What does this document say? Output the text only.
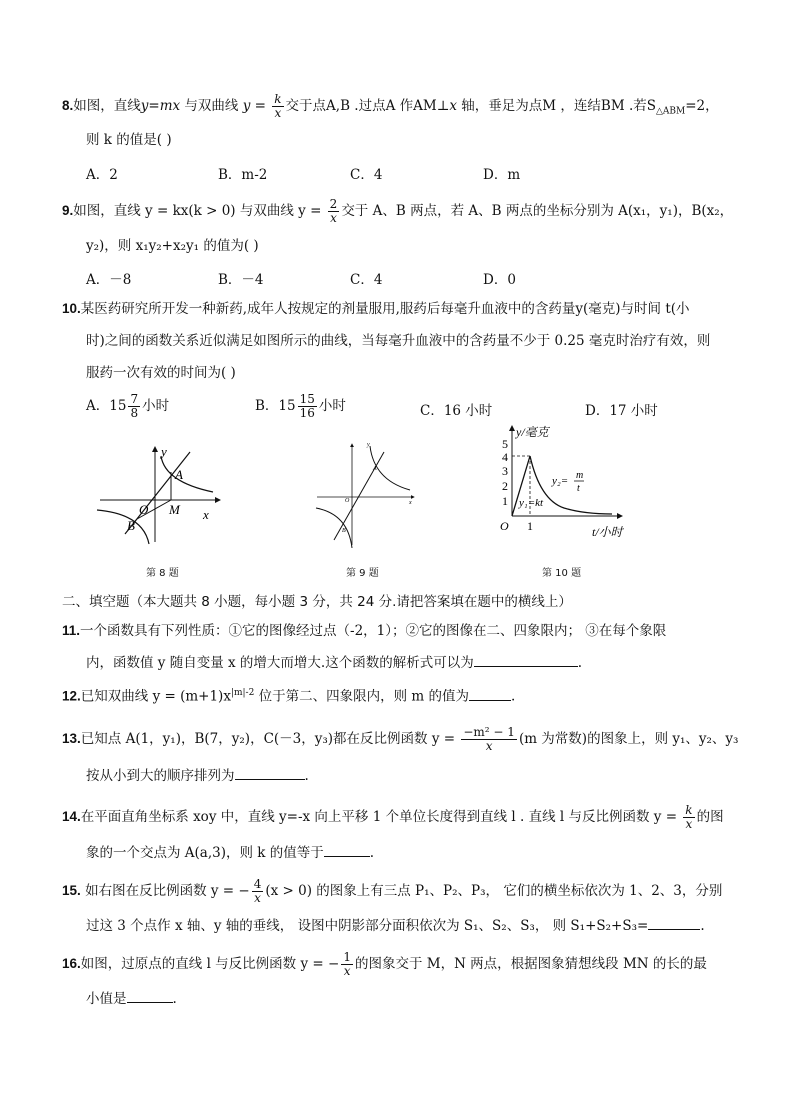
8.如图，直线y=mx 与双曲线 $y = \frac{k}{x}$ 交于点A,B .过点A 作AM⊥x 轴，垂足为点M ，连结BM .若$S_{\triangle ABM}=2$，
则 k 的值是( )
A．2	B．m-2	C．4	D．m
9.如图，直线 y = kx(k > 0) 与双曲线 $y = \frac{2}{x}$ 交于 A、B 两点，若 A、B 两点的坐标分别为 A(x₁，y₁)，B(x₂，
y₂)，则 x₁y₂+x₂y₁ 的值为( )
A．－8	B．－4	C．4	D．0
10.某医药研究所开发一种新药,成年人按规定的剂量服用,服药后每毫升血液中的含药量y(毫克)与时间 t(小
时)之间的函数关系近似满足如图所示的曲线，当每毫升血液中的含药量不少于 0.25 毫克时治疗有效，则
服药一次有效的时间为( )
A．$15 \frac{7}{8}$ 小时	B．$15 \frac{15}{16}$ 小时	C．16 小时	D．17 小时
y
x
A
B
O M
第 8 题
y
x
A
B
O
第 9 题
y/毫克
5
4
3
2
1
O 1	t/小时
y₁=kt
y₂= m
t
第 10 题
二、填空题（本大题共 8 小题，每小题 3 分，共 24 分.请把答案填在题中的横线上）
11.一个函数具有下列性质：①它的图像经过点（-2，1）；②它的图像在二、四象限内； ③在每个象限
内，函数值 y 随自变量 x 的增大而增大.这个函数的解析式可以为	.
12.已知双曲线 $y = (m+1)x^{|m|-2}$ 位于第二、四象限内，则 m 的值为	.
13.已知点 A(1，y₁)，B(7，y₂)，C(－3，y₃)都在反比例函数 $y = \frac{\text{−m² − 1}}{x} (m$ 为常数)的图象上，则 y₁、y₂、y₃
按从小到大的顺序排列为	.
14.在平面直角坐标系 xoy 中，直线 y=-x 向上平移 1 个单位长度得到直线 l . 直线 l 与反比例函数 $y = \frac{k}{x}$ 的图
象的一个交点为 A(a,3)，则 k 的值等于	.
15. 如右图在反比例函数 y = − $\frac{4}{x} (x > 0)$ 的图象上有三点 P₁、P₂、P₃， 它们的横坐标依次为 1、2、3，分别
过这 3 个点作 x 轴、y 轴的垂线， 设图中阴影部分面积依次为 S₁、S₂、S₃， 则 S₁+S₂+S₃=	.
16.如图，过原点的直线 l 与反比例函数 y = − $\frac{1}{x}$ 的图象交于 M，N 两点，根据图象猜想线段 MN 的长的最
小值是	.
